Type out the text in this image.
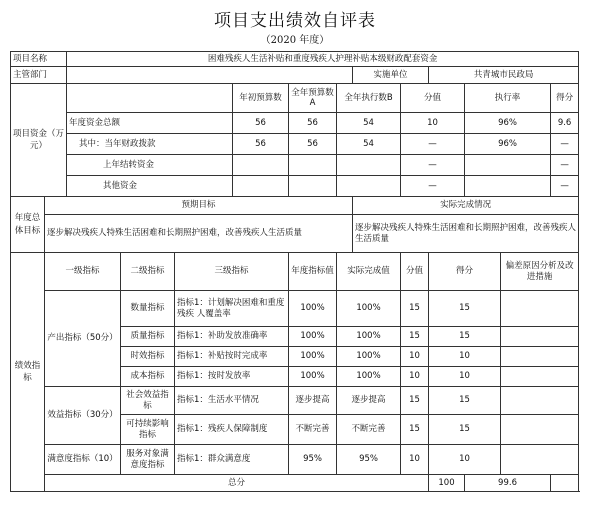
项目支出绩效自评表
（2020 年度）
项目名称		困难残疾人生活补贴和重度残疾人护理补贴本级财政配套资金											
主管部门								实施单位		共青城市民政局			
项目资金（万元）					年初预算数	全年预算数A	全年执行数B		分值		执行率		得分
		年度资金总额			56	56	54		10		96%		9.6
		其中：当年财政拨款			56	56	54		—		96%		—
		上年结转资金							—				—
		其他资金							—				—
年度总体目标	预期目标							实际完成情况					
	逐步解决残疾人特殊生活困难和长期照护困难，改善残疾人生活质量							逐步解决残疾人特殊生活困难和长期照护困难，改善残疾人生活质量					
绩效指标	一级指标		二级指标	三级指标		年度指标值	实际完成值		分值	得分		偏差原因分析及改进措施	
	产出指标（50分）		数量指标	指标1：计划解决困难和重度残疾 人覆盖率		100%	100%		15	15			
			质量指标	指标1：补助发放准确率		100%	100%		15	15			
			时效指标	指标1：补贴按时完成率		100%	100%		10	10			
			成本指标	指标1：按时发放率		100%	100%		10	10			
	效益指标（30分）		社会效益指标	指标1：生活水平情况		逐步提高	逐步提高		15	15			
			可持续影响指标	指标1：残疾人保障制度		不断完善	不断完善		15	15			
	满意度指标（10）		服务对象满意度指标	指标1：群众满意度		95%	95%		10	10			
	总分									100	99.6		
